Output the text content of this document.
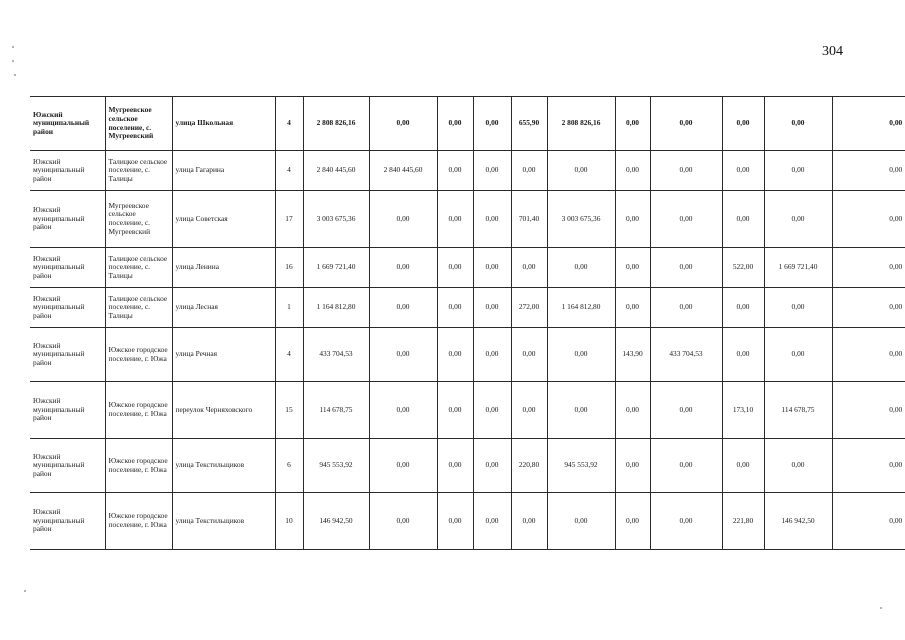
304
Южский муниципальный район	Мугреевское сельское поселение, с. Мугреевский	улица Школьная	4	2 808 826,16	0,00	0,00	0,00	655,90	2 808 826,16	0,00	0,00	0,00	0,00	0,00
Южский муниципальный район	Талицкое сельское поселение, с. Талицы	улица Гагарина	4	2 840 445,60	2 840 445,60	0,00	0,00	0,00	0,00	0,00	0,00	0,00	0,00	0,00
Южский муниципальный район	Мугреевское сельское поселение, с. Мугреевский	улица Советская	17	3 003 675,36	0,00	0,00	0,00	701,40	3 003 675,36	0,00	0,00	0,00	0,00	0,00
Южский муниципальный район	Талицкое сельское поселение, с. Талицы	улица Ленина	16	1 669 721,40	0,00	0,00	0,00	0,00	0,00	0,00	0,00	522,00	1 669 721,40	0,00
Южский муниципальный район	Талицкое сельское поселение, с. Талицы	улица Лесная	1	1 164 812,80	0,00	0,00	0,00	272,00	1 164 812,80	0,00	0,00	0,00	0,00	0,00
Южский муниципальный район	Южское городское поселение, г. Южа	улица Речная	4	433 704,53	0,00	0,00	0,00	0,00	0,00	143,90	433 704,53	0,00	0,00	0,00
Южский муниципальный район	Южское городское поселение, г. Южа	переулок Черняховского	15	114 678,75	0,00	0,00	0,00	0,00	0,00	0,00	0,00	173,10	114 678,75	0,00
Южский муниципальный район	Южское городское поселение, г. Южа	улица Текстильщиков	6	945 553,92	0,00	0,00	0,00	220,80	945 553,92	0,00	0,00	0,00	0,00	0,00
Южский муниципальный район	Южское городское поселение, г. Южа	улица Текстильщиков	10	146 942,50	0,00	0,00	0,00	0,00	0,00	0,00	0,00	221,80	146 942,50	0,00
